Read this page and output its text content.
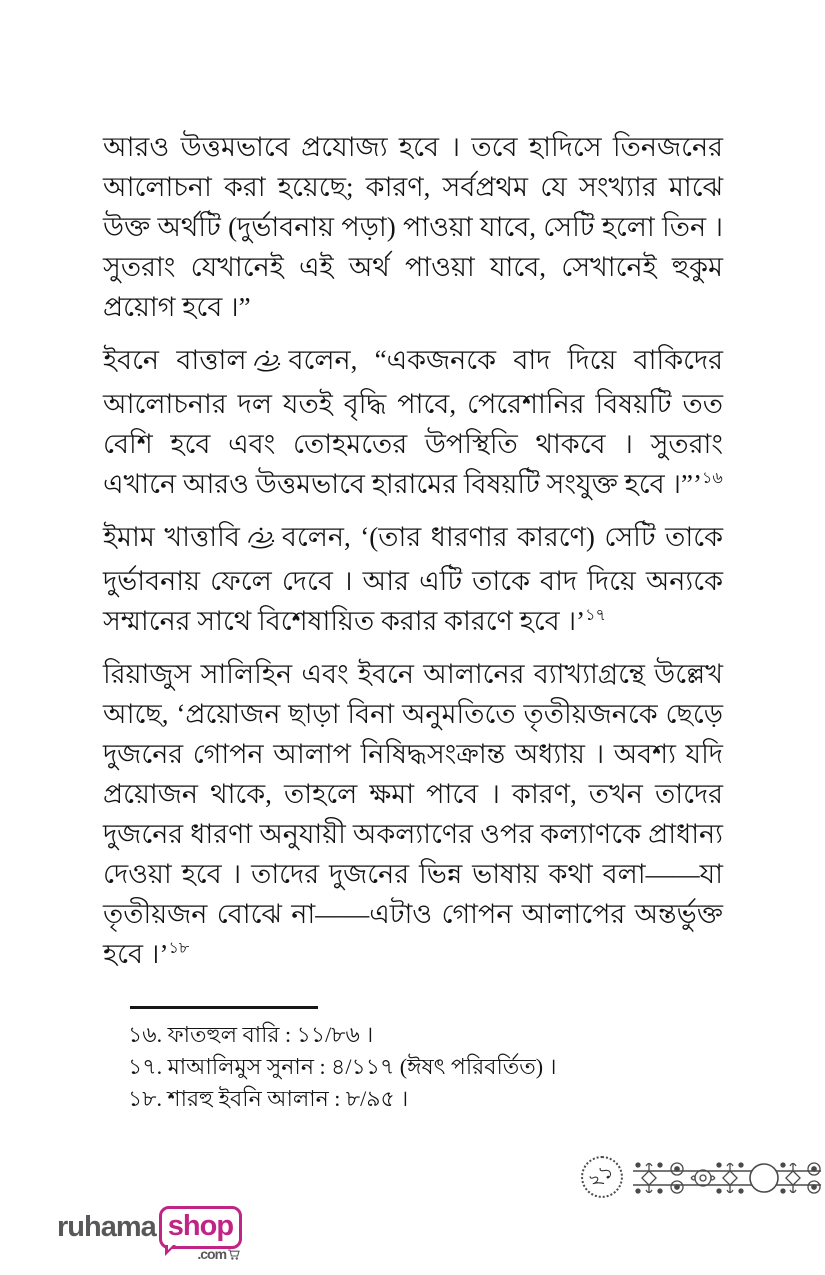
আরও উত্তমভাবে প্রযোজ্য হবে । তবে হাদিসে তিনজনের আলোচনা করা হয়েছে; কারণ, সর্বপ্রথম যে সংখ্যার মাঝে উক্ত অর্থটি (দুর্ভাবনায় পড়া) পাওয়া যাবে, সেটি হলো তিন । সুতরাং যেখানেই এই অর্থ পাওয়া যাবে, সেখানেই হুকুম প্রয়োগ হবে ।”

ইবনে বাত্তাল বলেন, “একজনকে বাদ দিয়ে বাকিদের আলোচনার দল যতই বৃদ্ধি পাবে, পেরেশানির বিষয়টি তত বেশি হবে এবং তোহমতের উপস্থিতি থাকবে । সুতরাং এখানে আরও উত্তমভাবে হারামের বিষয়টি সংযুক্ত হবে ।”’$^{১৬}$

ইমাম খাত্তাবি বলেন, ‘(তার ধারণার কারণে) সেটি তাকে দুর্ভাবনায় ফেলে দেবে । আর এটি তাকে বাদ দিয়ে অন্যকে সম্মানের সাথে বিশেষায়িত করার কারণে হবে ।’$^{১৭}$

রিয়াজুস সালিহিন এবং ইবনে আলানের ব্যাখ্যাগ্রন্থে উল্লেখ আছে, ‘প্রয়োজন ছাড়া বিনা অনুমতিতে তৃতীয়জনকে ছেড়ে দুজনের গোপন আলাপ নিষিদ্ধসংক্রান্ত অধ্যায় । অবশ্য যদি প্রয়োজন থাকে, তাহলে ক্ষমা পাবে । কারণ, তখন তাদের দুজনের ধারণা অনুযায়ী অকল্যাণের ওপর কল্যাণকে প্রাধান্য দেওয়া হবে । তাদের দুজনের ভিন্ন ভাষায় কথা বলা——যা তৃতীয়জন বোঝে না——এটাও গোপন আলাপের অন্তর্ভুক্ত হবে ।’$^{১৮}$

১৬. ফাতহুল বারি : ১১/৮৬ ।
১৭. মাআলিমুস সুনান : ৪/১১৭ (ঈষৎ পরিবর্তিত) ।
১৮. শারহু ইবনি আলান : ৮/৯৫ ।
২১
ruhama shop
.com
